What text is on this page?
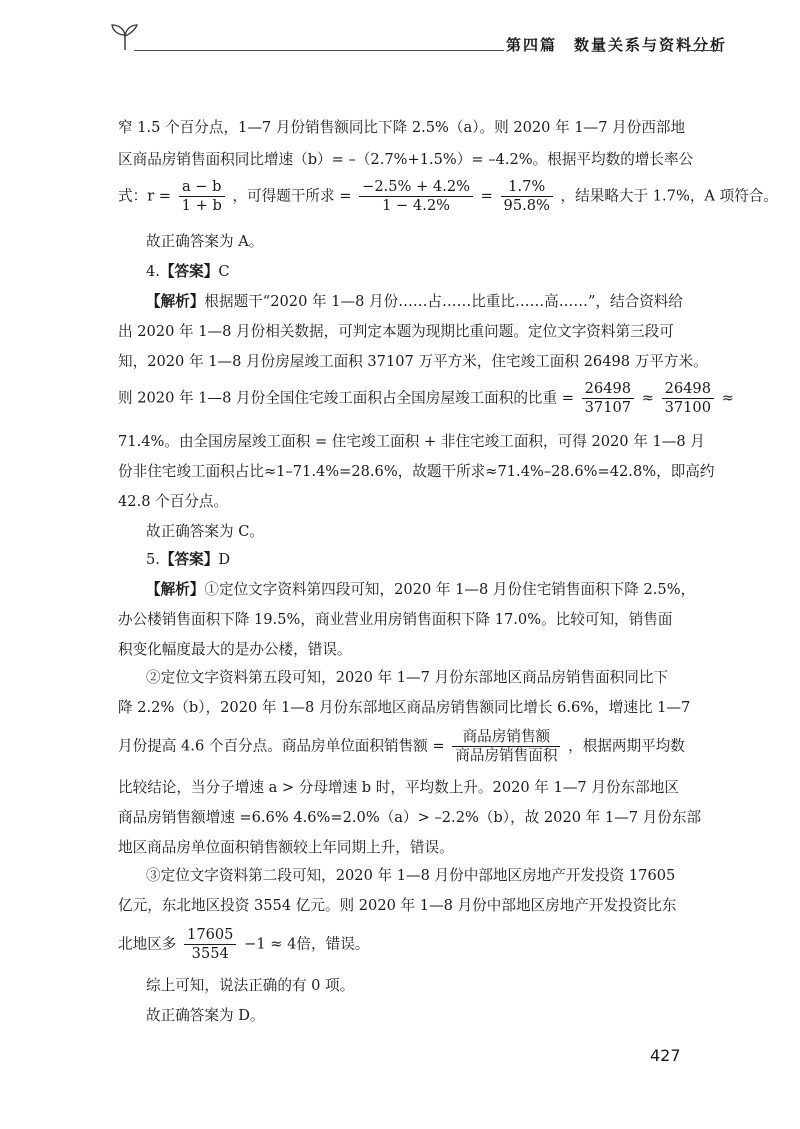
第四篇　数量关系与资料分析
窄 1.5 个百分点，1—7 月份销售额同比下降 2.5%（a）。则 2020 年 1—7 月份西部地
区商品房销售面积同比增速（b）= –（2.7%+1.5%）= –4.2%。根据平均数的增长率公
式：$r = \frac{a - b}{1 + b}$ ，可得题干所求 = $\frac{-2.5\% + 4.2\%}{1 - 4.2\%} = \frac{1.7\%}{95.8\%}$ ，结果略大于 1.7%，A 项符合。
故正确答案为 A。
4.【答案】C
【解析】根据题干“2020 年 1—8 月份……占……比重比……高……”，结合资料给
出 2020 年 1—8 月份相关数据，可判定本题为现期比重问题。定位文字资料第三段可
知，2020 年 1—8 月份房屋竣工面积 37107 万平方米，住宅竣工面积 26498 万平方米。
则 2020 年 1—8 月份全国住宅竣工面积占全国房屋竣工面积的比重 = $\frac{26498}{37107} \approx \frac{26498}{37100}$ ≈
71.4%。由全国房屋竣工面积 = 住宅竣工面积 + 非住宅竣工面积，可得 2020 年 1—8 月
份非住宅竣工面积占比≈1–71.4%=28.6%，故题干所求≈71.4%–28.6%=42.8%，即高约
42.8 个百分点。
故正确答案为 C。
5.【答案】D
【解析】①定位文字资料第四段可知，2020 年 1—8 月份住宅销售面积下降 2.5%，
办公楼销售面积下降 19.5%，商业营业用房销售面积下降 17.0%。比较可知，销售面
积变化幅度最大的是办公楼，错误。
②定位文字资料第五段可知，2020 年 1—7 月份东部地区商品房销售面积同比下
降 2.2%（b），2020 年 1—8 月份东部地区商品房销售额同比增长 6.6%，增速比 1—7
月份提高 4.6 个百分点。商品房单位面积销售额 = $\frac{\text{商品房销售额}}{\text{商品房销售面积}}$ ，根据两期平均数
比较结论，当分子增速 a > 分母增速 b 时，平均数上升。2020 年 1—7 月份东部地区
商品房销售额增速 =6.6% 4.6%=2.0%（a）> –2.2%（b），故 2020 年 1—7 月份东部
地区商品房单位面积销售额较上年同期上升，错误。
③定位文字资料第二段可知，2020 年 1—8 月份中部地区房地产开发投资 17605
亿元，东北地区投资 3554 亿元。则 2020 年 1—8 月份中部地区房地产开发投资比东
北地区多 $\frac{17605}{3554} -1 \approx 4$倍，错误。
综上可知，说法正确的有 0 项。
故正确答案为 D。
427
